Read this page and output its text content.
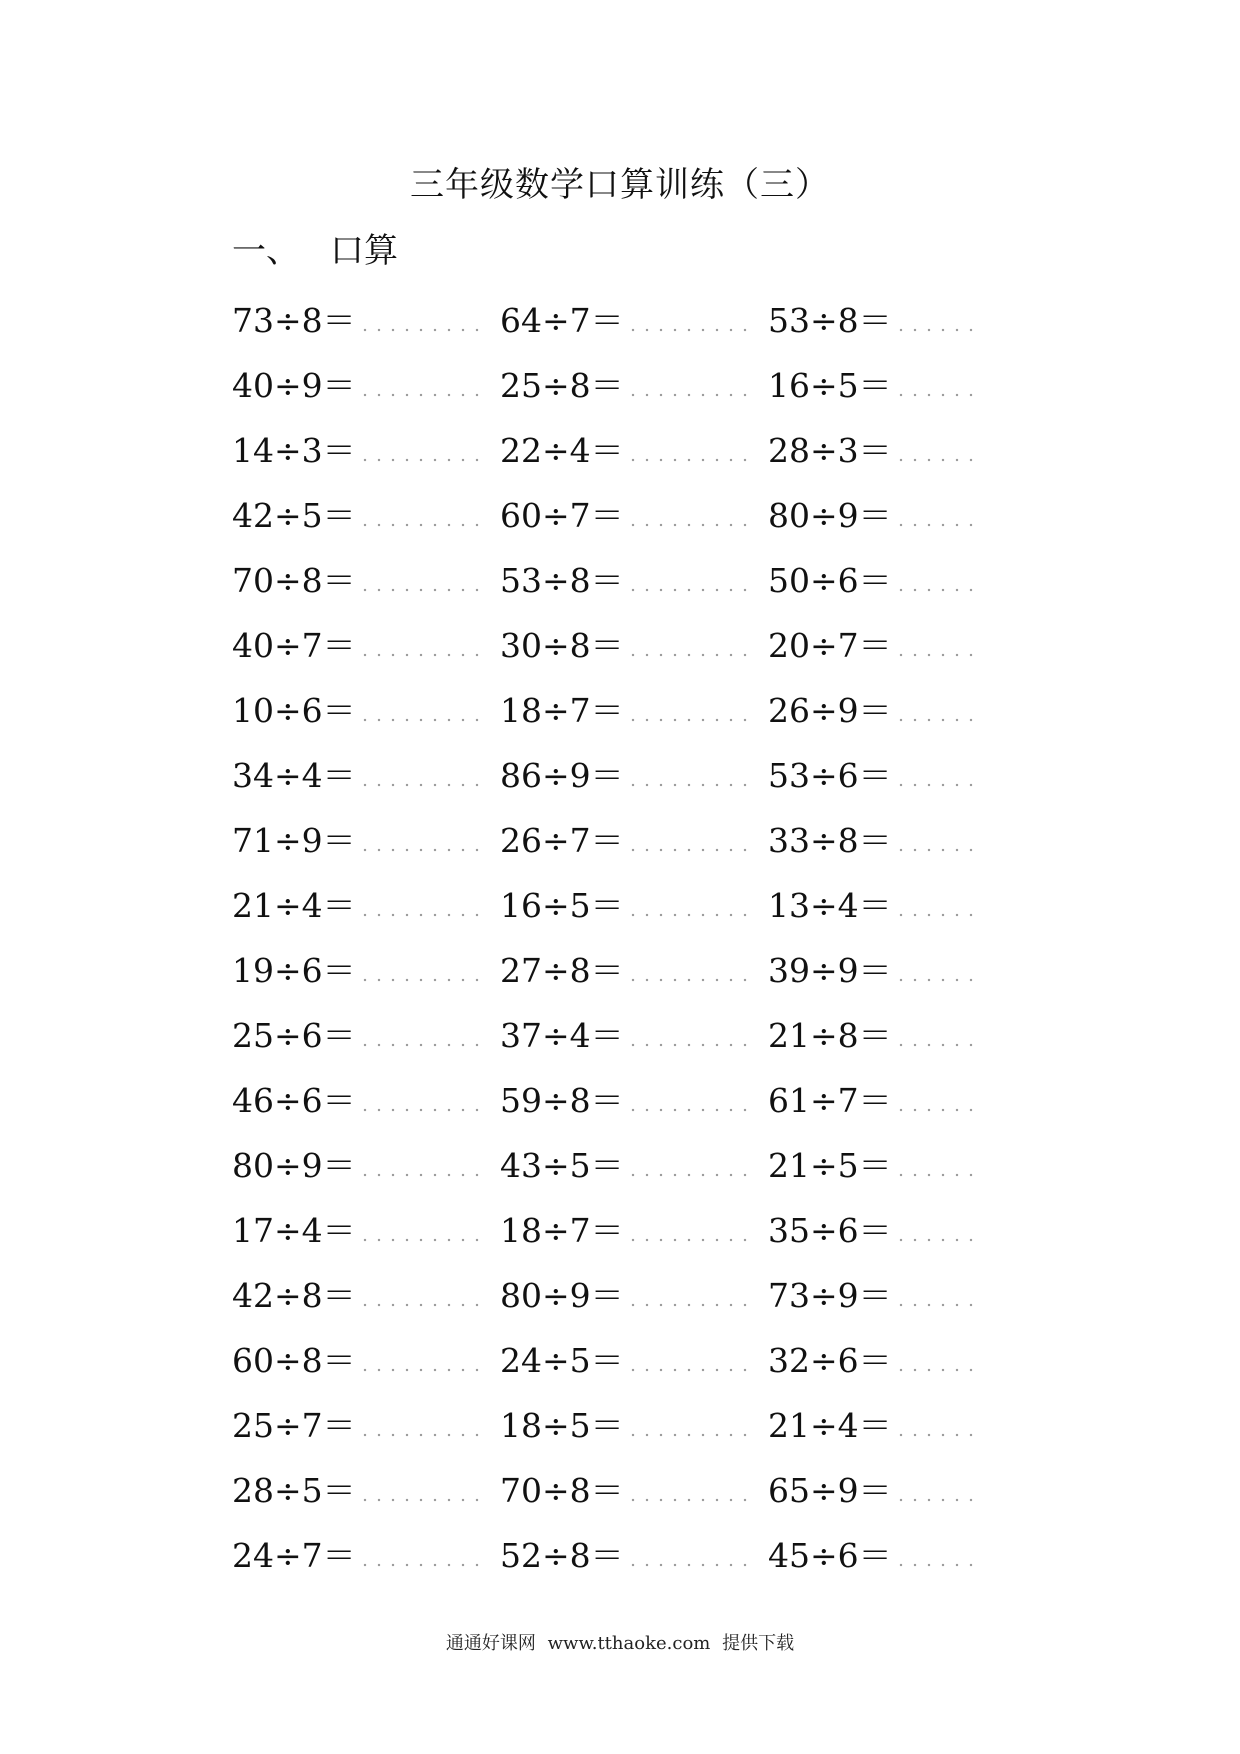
三年级数学口算训练（三）
一、 口算
73÷8＝	64÷7＝	53÷8＝
40÷9＝	25÷8＝	16÷5＝
14÷3＝	22÷4＝	28÷3＝
42÷5＝	60÷7＝	80÷9＝
70÷8＝	53÷8＝	50÷6＝
40÷7＝	30÷8＝	20÷7＝
10÷6＝	18÷7＝	26÷9＝
34÷4＝	86÷9＝	53÷6＝
71÷9＝	26÷7＝	33÷8＝
21÷4＝	16÷5＝	13÷4＝
19÷6＝	27÷8＝	39÷9＝
25÷6＝	37÷4＝	21÷8＝
46÷6＝	59÷8＝	61÷7＝
80÷9＝	43÷5＝	21÷5＝
17÷4＝	18÷7＝	35÷6＝
42÷8＝	80÷9＝	73÷9＝
60÷8＝	24÷5＝	32÷6＝
25÷7＝	18÷5＝	21÷4＝
28÷5＝	70÷8＝	65÷9＝
24÷7＝	52÷8＝	45÷6＝
通通好课网 www.tthaoke.com 提供下载
